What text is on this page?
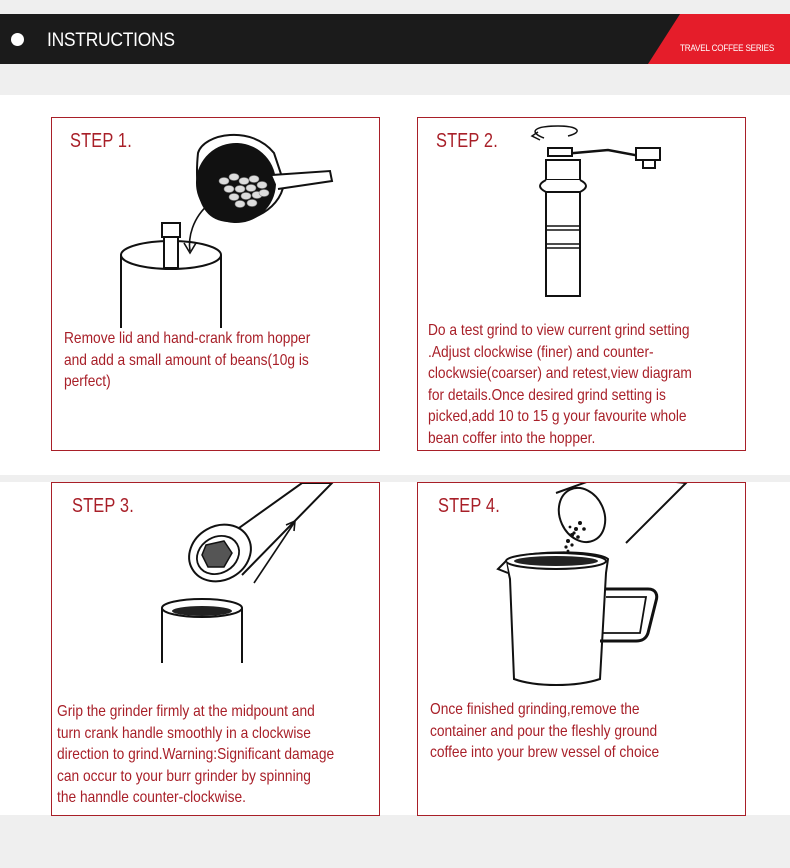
INSTRUCTIONS	TRAVEL COFFEE SERIES
STEP 1.
Remove lid and hand-crank from hopper
and add a small amount of beans(10g is
perfect)
STEP 2.
Do a test grind to view current grind setting
.Adjust clockwise (finer) and counter-
clockwsie(coarser) and retest,view diagram
for details.Once desired grind setting is
picked,add 10 to 15 g your favourite whole
bean coffer into the hopper.
STEP 3.
Grip the grinder firmly at the midpount and
turn crank handle smoothly in a clockwise
direction to grind.Warning:Significant damage
can occur to your burr grinder by spinning
the hanndle counter-clockwise.
STEP 4.
Once finished grinding,remove the
container and pour the fleshly ground
coffee into your brew vessel of choice
